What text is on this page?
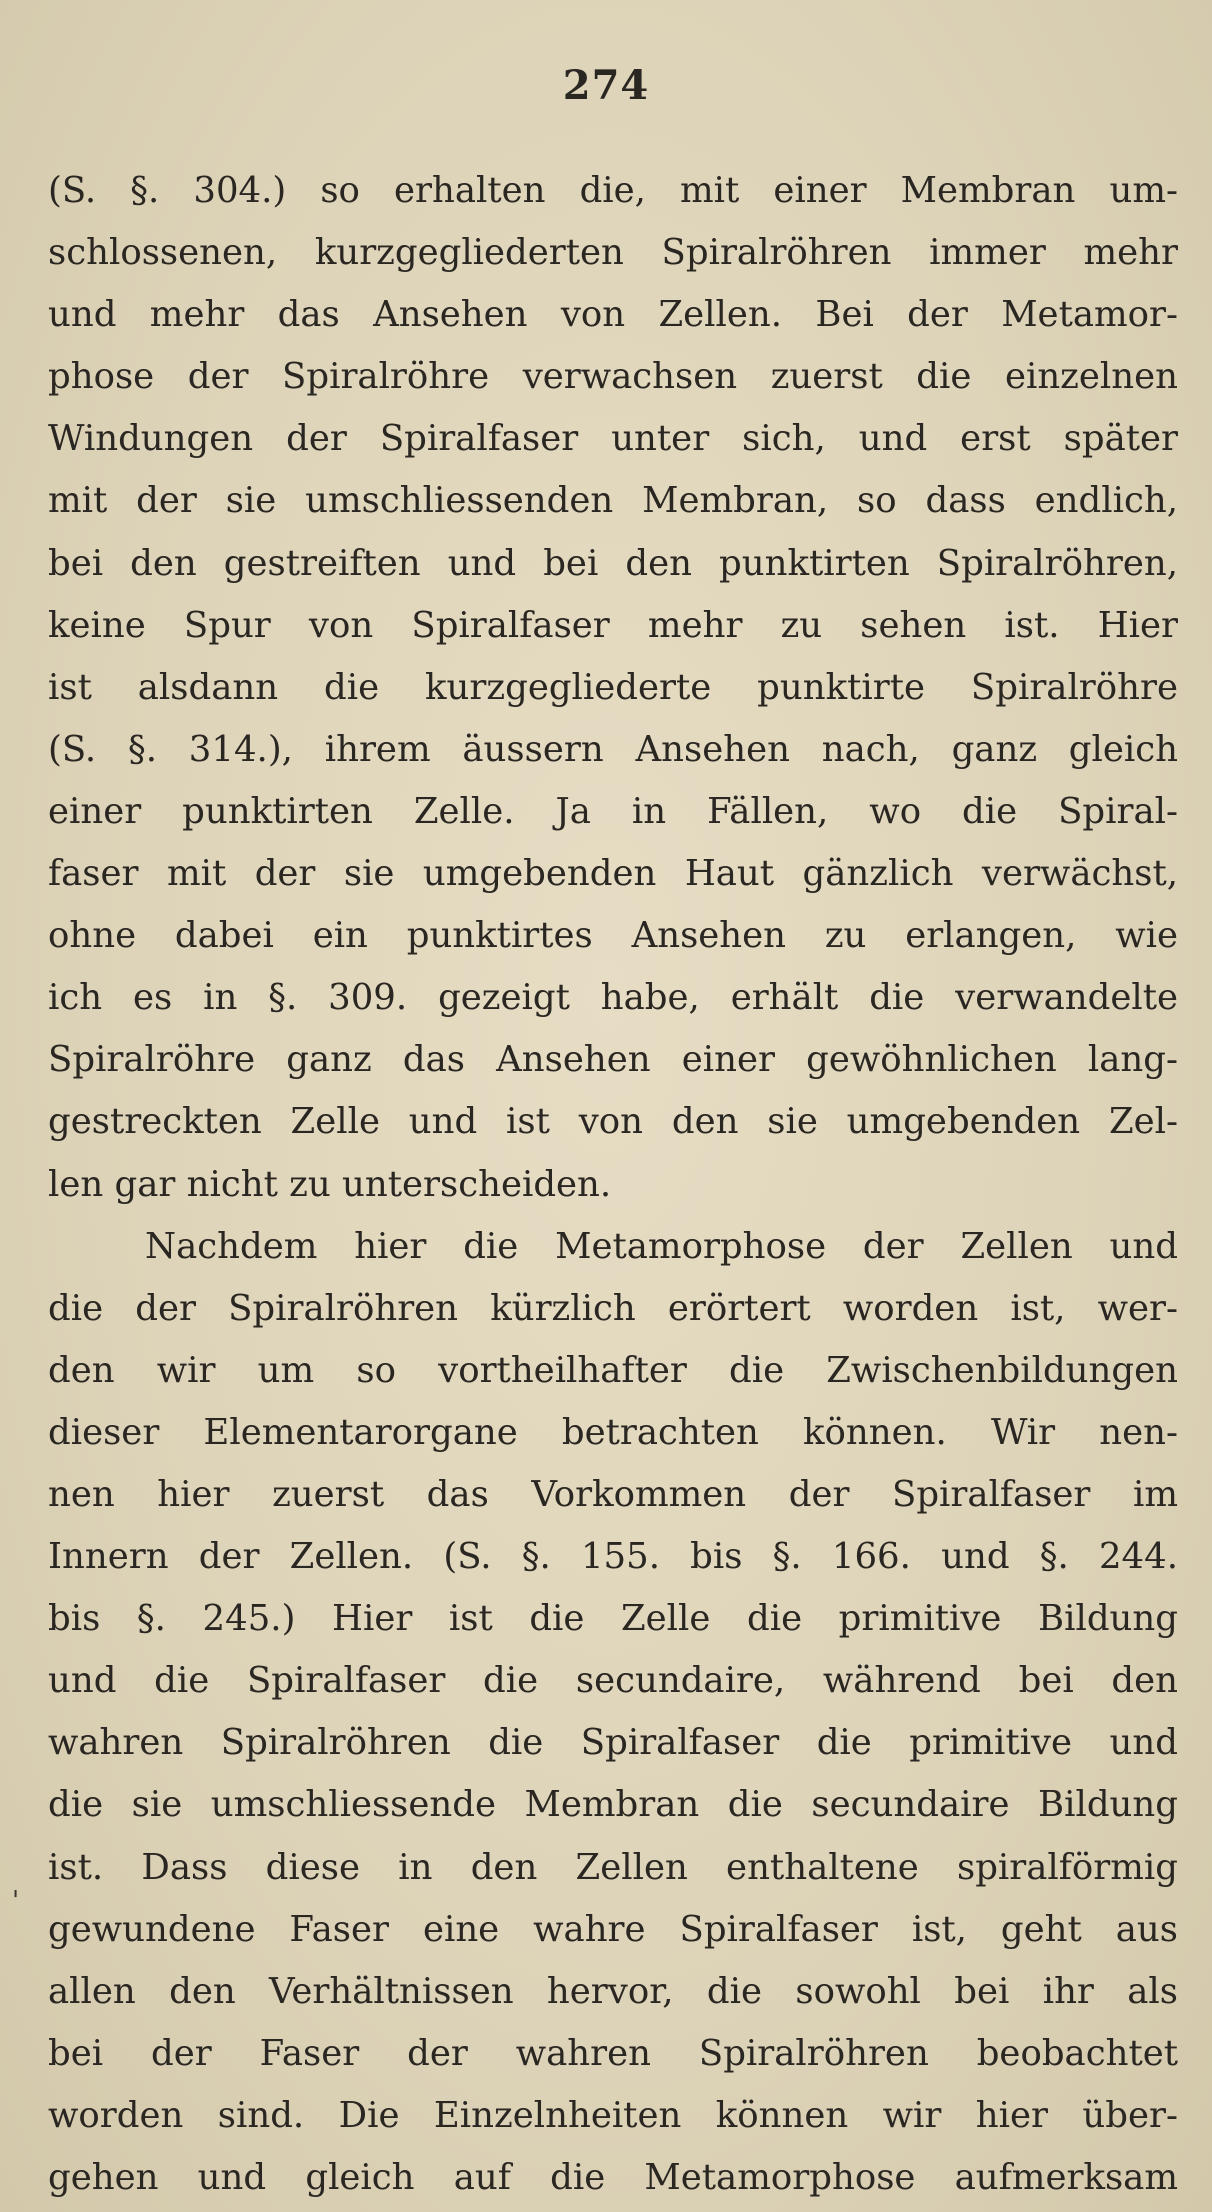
274
'
(S. §. 304.) so erhalten die, mit einer Membran um-
schlossenen, kurzgegliederten Spiralröhren immer mehr
und mehr das Ansehen von Zellen. Bei der Metamor-
phose der Spiralröhre verwachsen zuerst die einzelnen
Windungen der Spiralfaser unter sich, und erst später
mit der sie umschliessenden Membran, so dass endlich,
bei den gestreiften und bei den punktirten Spiralröhren,
keine Spur von Spiralfaser mehr zu sehen ist. Hier
ist alsdann die kurzgegliederte punktirte Spiralröhre
(S. §. 314.), ihrem äussern Ansehen nach, ganz gleich
einer punktirten Zelle. Ja in Fällen, wo die Spiral-
faser mit der sie umgebenden Haut gänzlich verwächst,
ohne dabei ein punktirtes Ansehen zu erlangen, wie
ich es in §. 309. gezeigt habe, erhält die verwandelte
Spiralröhre ganz das Ansehen einer gewöhnlichen lang-
gestreckten Zelle und ist von den sie umgebenden Zel-
len gar nicht zu unterscheiden.
Nachdem hier die Metamorphose der Zellen und
die der Spiralröhren kürzlich erörtert worden ist, wer-
den wir um so vortheilhafter die Zwischenbildungen
dieser Elementarorgane betrachten können. Wir nen-
nen hier zuerst das Vorkommen der Spiralfaser im
Innern der Zellen. (S. §. 155. bis §. 166. und §. 244.
bis §. 245.) Hier ist die Zelle die primitive Bildung
und die Spiralfaser die secundaire, während bei den
wahren Spiralröhren die Spiralfaser die primitive und
die sie umschliessende Membran die secundaire Bildung
ist. Dass diese in den Zellen enthaltene spiralförmig
gewundene Faser eine wahre Spiralfaser ist, geht aus
allen den Verhältnissen hervor, die sowohl bei ihr als
bei der Faser der wahren Spiralröhren beobachtet
worden sind. Die Einzelnheiten können wir hier über-
gehen und gleich auf die Metamorphose aufmerksam
